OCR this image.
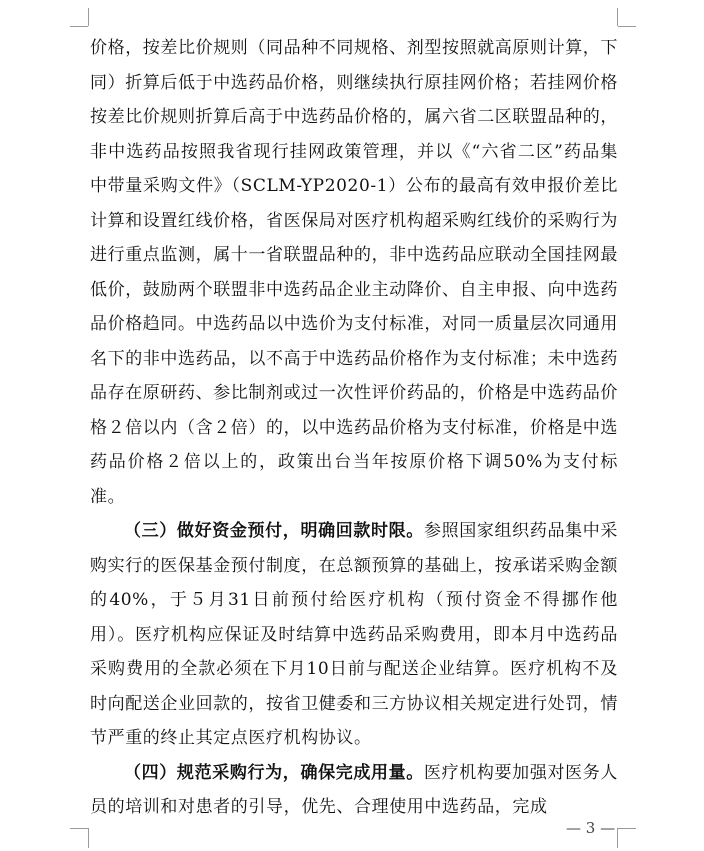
价格，按差比价规则（同品种不同规格、剂型按照就高原则计算，下同）折算后低于中选药品价格，则继续执行原挂网价格；若挂网价格按差比价规则折算后高于中选药品价格的，属六省二区联盟品种的，非中选药品按照我省现行挂网政策管理，并以《“六省二区”药品集中带量采购文件》（SCLM-YP2020-1）公布的最高有效申报价差比计算和设置红线价格，省医保局对医疗机构超采购红线价的采购行为进行重点监测，属十一省联盟品种的，非中选药品应联动全国挂网最低价，鼓励两个联盟非中选药品企业主动降价、自主申报、向中选药品价格趋同。中选药品以中选价为支付标准，对同一质量层次同通用名下的非中选药品，以不高于中选药品价格作为支付标准；未中选药品存在原研药、参比制剂或过一次性评价药品的，价格是中选药品价格２倍以内（含２倍）的，以中选药品价格为支付标准，价格是中选药品价格２倍以上的，政策出台当年按原价格下调50%为支付标准。

（三）做好资金预付，明确回款时限。参照国家组织药品集中采购实行的医保基金预付制度，在总额预算的基础上，按承诺采购金额的40%，于５月31日前预付给医疗机构（预付资金不得挪作他用）。医疗机构应保证及时结算中选药品采购费用，即本月中选药品采购费用的全款必须在下月10日前与配送企业结算。医疗机构不及时向配送企业回款的，按省卫健委和三方协议相关规定进行处罚，情节严重的终止其定点医疗机构协议。

（四）规范采购行为，确保完成用量。医疗机构要加强对医务人员的培训和对患者的引导，优先、合理使用中选药品，完成

— 3 —
